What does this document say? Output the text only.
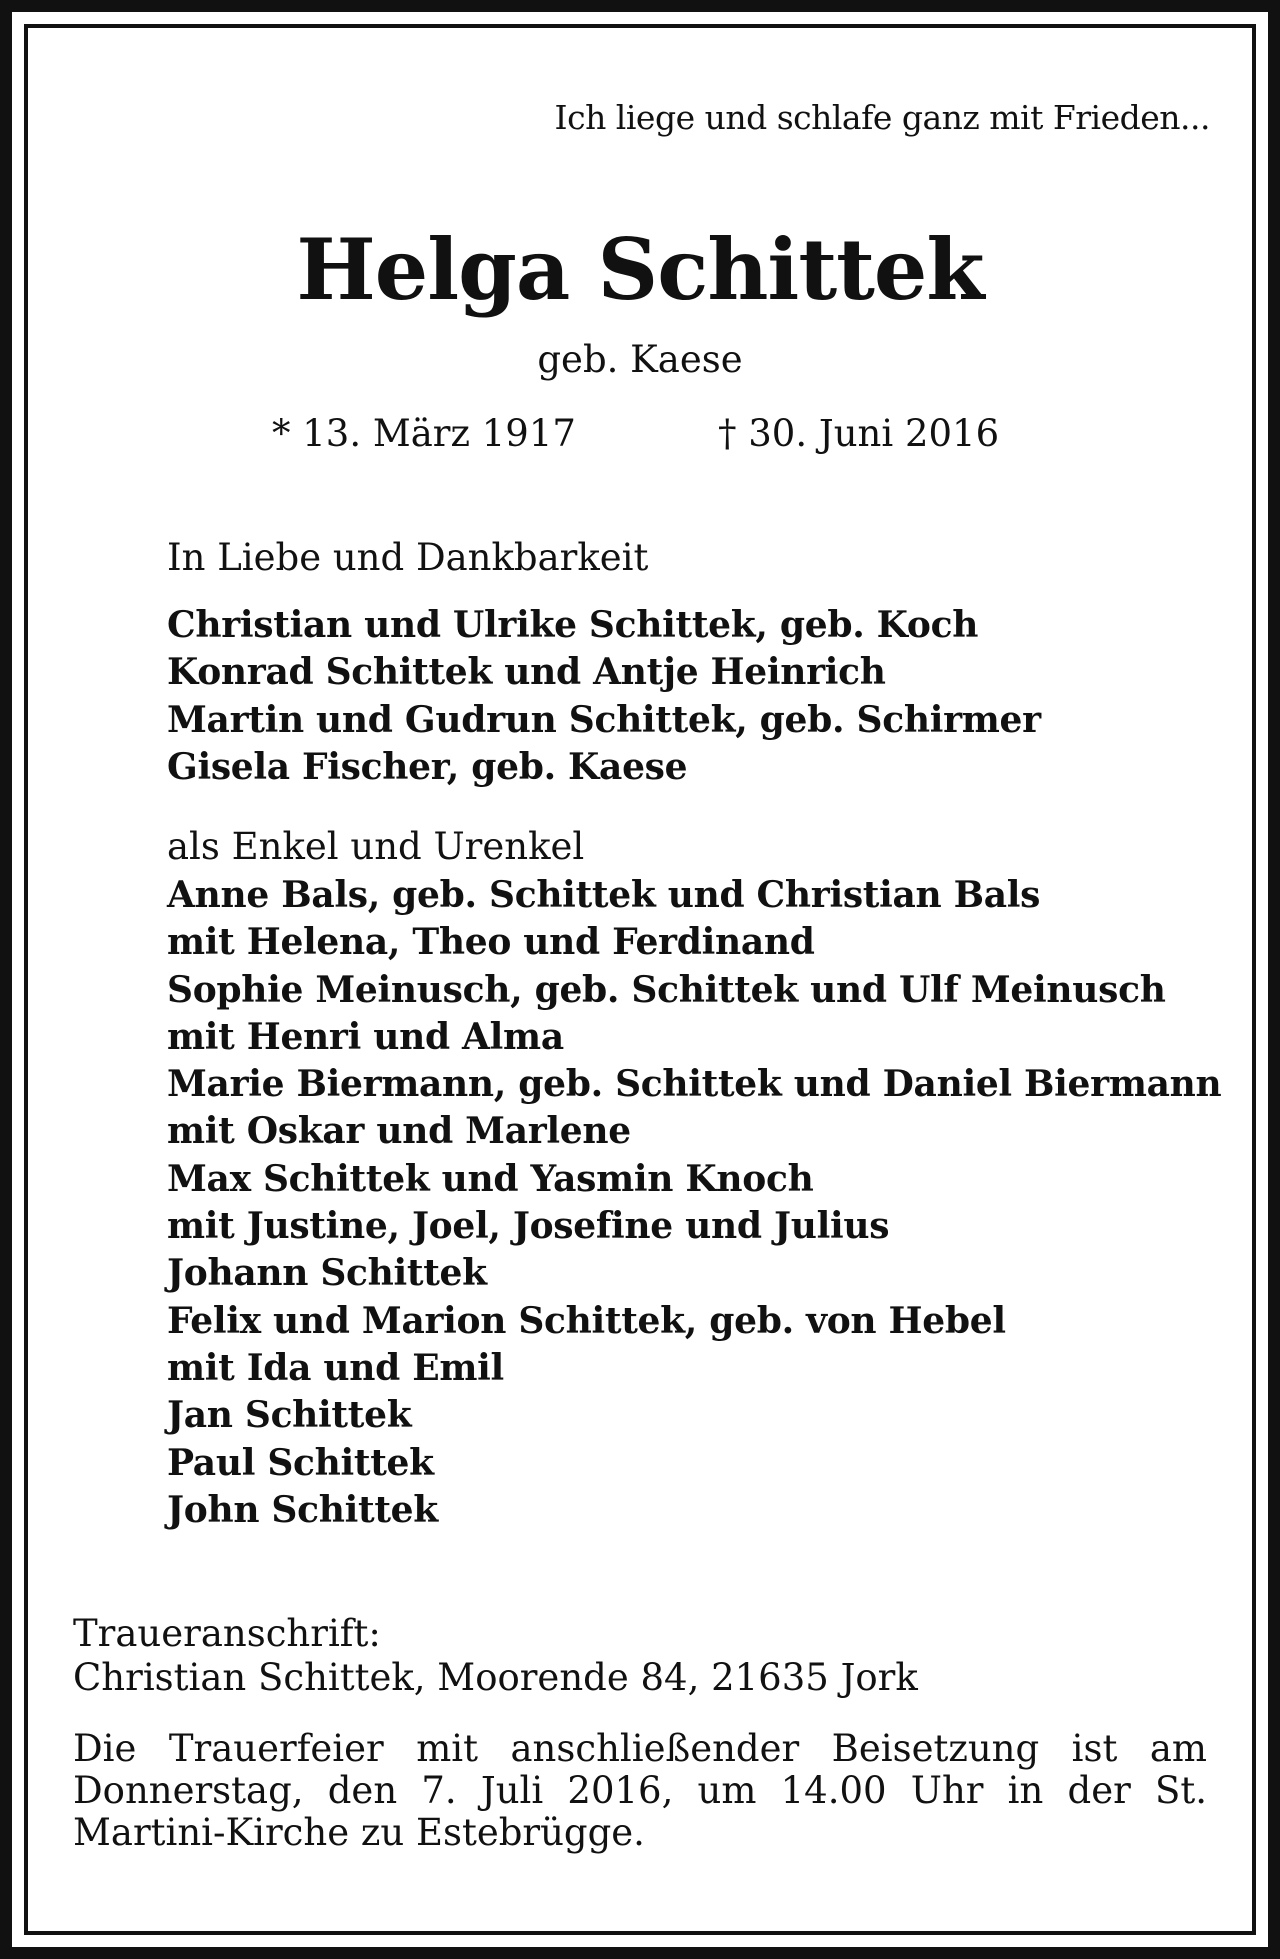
Ich liege und schlafe ganz mit Frieden...
Helga Schittek
geb. Kaese
* 13. März 1917	† 30. Juni 2016
In Liebe und Dankbarkeit
Christian und Ulrike Schittek, geb. Koch
Konrad Schittek und Antje Heinrich
Martin und Gudrun Schittek, geb. Schirmer
Gisela Fischer, geb. Kaese
als Enkel und Urenkel
Anne Bals, geb. Schittek und Christian Bals
mit Helena, Theo und Ferdinand
Sophie Meinusch, geb. Schittek und Ulf Meinusch
mit Henri und Alma
Marie Biermann, geb. Schittek und Daniel Biermann
mit Oskar und Marlene
Max Schittek und Yasmin Knoch
mit Justine, Joel, Josefine und Julius
Johann Schittek
Felix und Marion Schittek, geb. von Hebel
mit Ida und Emil
Jan Schittek
Paul Schittek
John Schittek
Traueranschrift:
Christian Schittek, Moorende 84, 21635 Jork

Die Trauerfeier mit anschließender Beisetzung ist am Donnerstag, den 7. Juli 2016, um 14.00 Uhr in der St. Martini-Kirche zu Estebrügge.
